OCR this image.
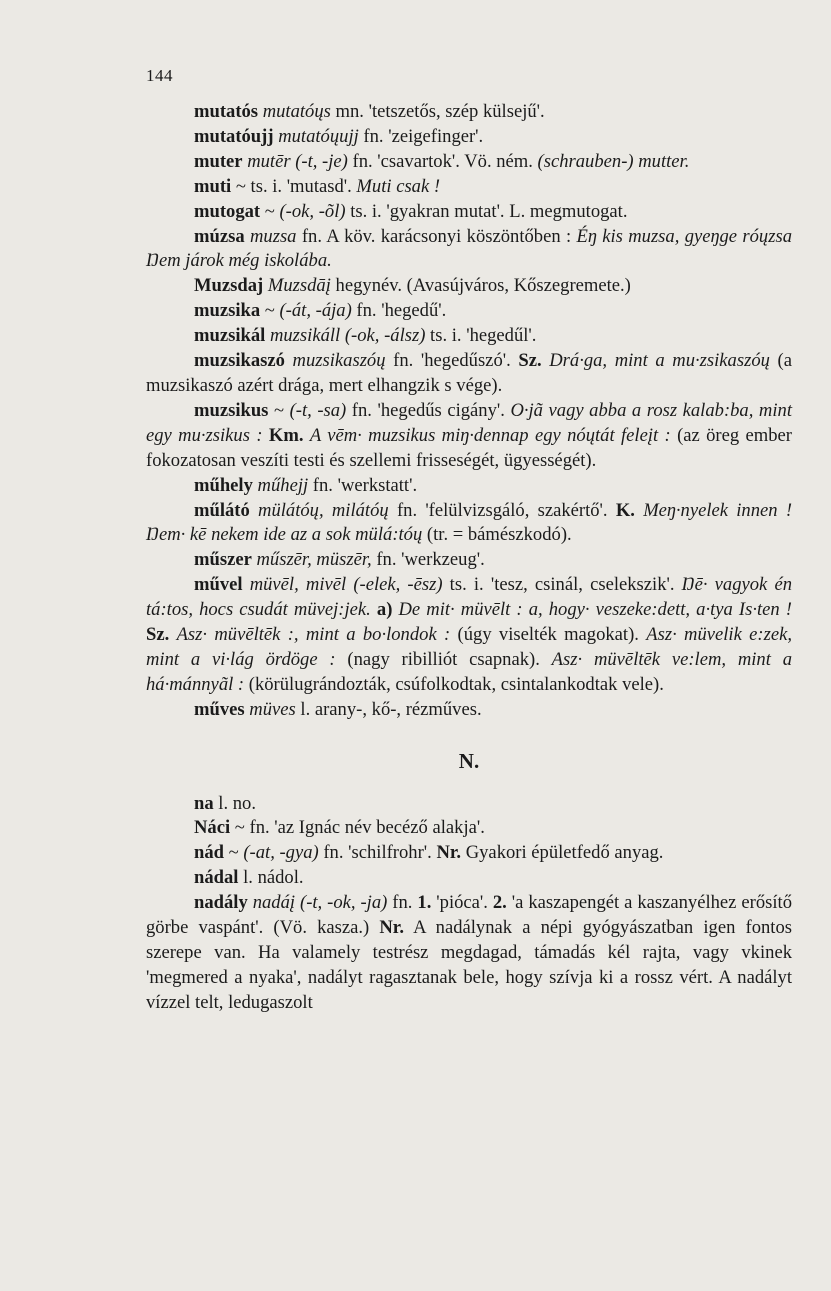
144

mutatós mutatóųs mn. 'tetszetős, szép külsejű'.

mutatóujj mutatóųujj fn. 'zeigefinger'.

muter mutēr (-t, -je) fn. 'csavartok'. Vö. ném. (schrauben-) mutter.

muti ~ ts. i. 'mutasd'. Muti csak !

mutogat ~ (-ok, -õl) ts. i. 'gyakran mutat'. L. megmutogat.

múzsa muzsa fn. A köv. karácsonyi köszöntőben : Éŋ kis muzsa, gyeŋge róųzsa Ŋem járok még iskolába.

Muzsdaj Muzsdāį hegynév. (Avasújváros, Kőszegremete.)

muzsika ~ (-át, -ája) fn. 'hegedű'.

muzsikál muzsikáll (-ok, -álsz) ts. i. 'hegedűl'.

muzsikaszó muzsikaszóų fn. 'hegedűszó'. Sz. Drá·ga, mint a mu·zsikaszóų (a muzsikaszó azért drága, mert elhangzik s vége).

muzsikus ~ (-t, -sa) fn. 'hegedűs cigány'. O·jã vagy abba a rosz kalab:ba, mint egy mu·zsikus : Km. A vēm· muzsikus miŋ·dennap egy nóųtát feleįt : (az öreg ember fokozatosan veszíti testi és szellemi frisseségét, ügyességét).

műhely műhejj fn. 'werkstatt'.

műlátó mülátóų, milátóų fn. 'felülvizsgáló, szakértő'. K. Meŋ·nyelek innen ! Ŋem· kē nekem ide az a sok mülá:tóų (tr. = bámészkodó).

műszer műszēr, müszēr, fn. 'werkzeug'.

művel müvēl, mivēl (-elek, -ēsz) ts. i. 'tesz, csinál, cselekszik'. Ŋē· vagyok én tá:tos, hocs csudát müvej:jek. a) De mit· müvēlt : a, hogy· veszeke:dett, a·tya Is·ten ! Sz. Asz· müvēltēk :, mint a bo·londok : (úgy viselték magokat). Asz· müvelik e:zek, mint a vi·lág ördöge : (nagy ribilliót csapnak). Asz· müvēltēk ve:lem, mint a há·mánnyãl : (körülugrándozták, csúfolkodtak, csintalankodtak vele).

műves müves l. arany-, kő-, rézműves.

N.

na l. no.

Náci ~ fn. 'az Ignác név becéző alakja'.

nád ~ (-at, -gya) fn. 'schilfrohr'. Nr. Gyakori épületfedő anyag.

nádal l. nádol.

nadály nadáį (-t, -ok, -ja) fn. 1. 'pióca'. 2. 'a kaszapengét a kaszanyélhez erősítő görbe vaspánt'. (Vö. kasza.) Nr. A nadálynak a népi gyógyászatban igen fontos szerepe van. Ha valamely testrész megdagad, támadás kél rajta, vagy vkinek 'megmered a nyaka', nadályt ragasztanak bele, hogy szívja ki a rossz vért. A nadályt vízzel telt, ledugaszolt
